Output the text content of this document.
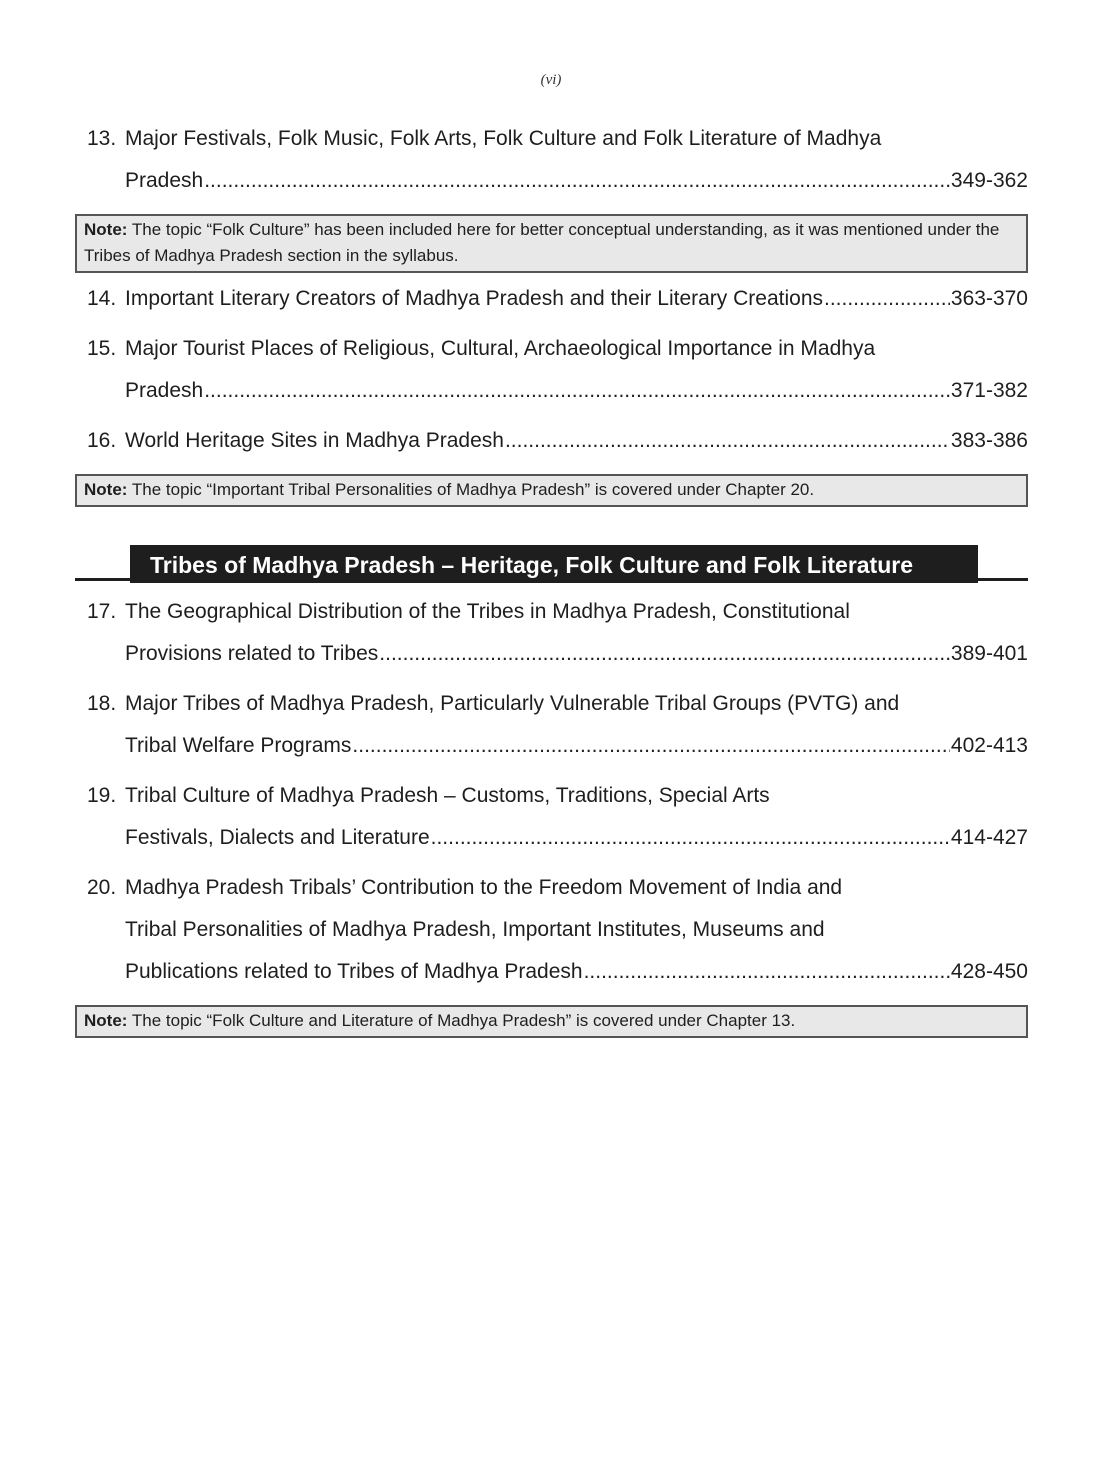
(vi)
13. Major Festivals, Folk Music, Folk Arts, Folk Culture and Folk Literature of Madhya
Pradesh .....	349-362
Note: The topic “Folk Culture” has been included here for better conceptual understanding, as it was mentioned under the Tribes of Madhya Pradesh section in the syllabus.
14. Important Literary Creators of Madhya Pradesh and their Literary Creations .....	363-370
15. Major Tourist Places of Religious, Cultural, Archaeological Importance in Madhya
Pradesh .....	371-382
16. World Heritage Sites in Madhya Pradesh .....	383-386
Note: The topic “Important Tribal Personalities of Madhya Pradesh” is covered under Chapter 20.
Tribes of Madhya Pradesh – Heritage, Folk Culture and Folk Literature
17. The Geographical Distribution of the Tribes in Madhya Pradesh, Constitutional
Provisions related to Tribes .....	389-401
18. Major Tribes of Madhya Pradesh, Particularly Vulnerable Tribal Groups (PVTG) and
Tribal Welfare Programs .....	402-413
19. Tribal Culture of Madhya Pradesh – Customs, Traditions, Special Arts
Festivals, Dialects and Literature .....	414-427
20. Madhya Pradesh Tribals’ Contribution to the Freedom Movement of India and
Tribal Personalities of Madhya Pradesh, Important Institutes, Museums and
Publications related to Tribes of Madhya Pradesh .....	428-450
Note: The topic “Folk Culture and Literature of Madhya Pradesh” is covered under Chapter 13.
